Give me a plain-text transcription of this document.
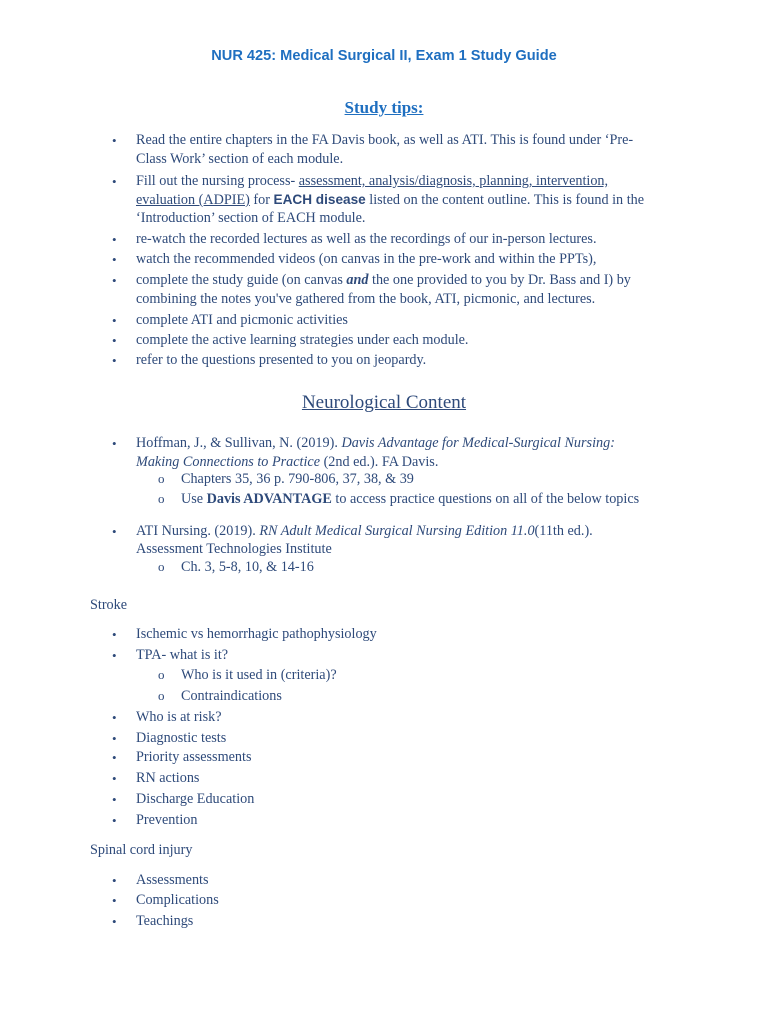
NUR 425: Medical Surgical II, Exam 1 Study Guide
Study tips:
• Read the entire chapters in the FA Davis book, as well as ATI. This is found under ‘Pre-
Class Work’ section of each module.
• Fill out the nursing process- assessment, analysis/diagnosis, planning, intervention,
evaluation (ADPIE) for EACH disease listed on the content outline. This is found in the
‘Introduction’ section of EACH module.
• re-watch the recorded lectures as well as the recordings of our in-person lectures.
• watch the recommended videos (on canvas in the pre-work and within the PPTs),
• complete the study guide (on canvas and the one provided to you by Dr. Bass and I) by
combining the notes you've gathered from the book, ATI, picmonic, and lectures.
• complete ATI and picmonic activities
• complete the active learning strategies under each module.
• refer to the questions presented to you on jeopardy.
Neurological Content
• Hoffman, J., & Sullivan, N. (2019). Davis Advantage for Medical-Surgical Nursing:
Making Connections to Practice (2nd ed.). FA Davis.
o Chapters 35, 36 p. 790-806, 37, 38, & 39
o Use Davis ADVANTAGE to access practice questions on all of the below topics
• ATI Nursing. (2019). RN Adult Medical Surgical Nursing Edition 11.0(11th ed.).
Assessment Technologies Institute
o Ch. 3, 5-8, 10, & 14-16
Stroke
• Ischemic vs hemorrhagic pathophysiology
• TPA- what is it?
o Who is it used in (criteria)?
o Contraindications
• Who is at risk?
• Diagnostic tests
• Priority assessments
• RN actions
• Discharge Education
• Prevention
Spinal cord injury
• Assessments
• Complications
• Teachings
